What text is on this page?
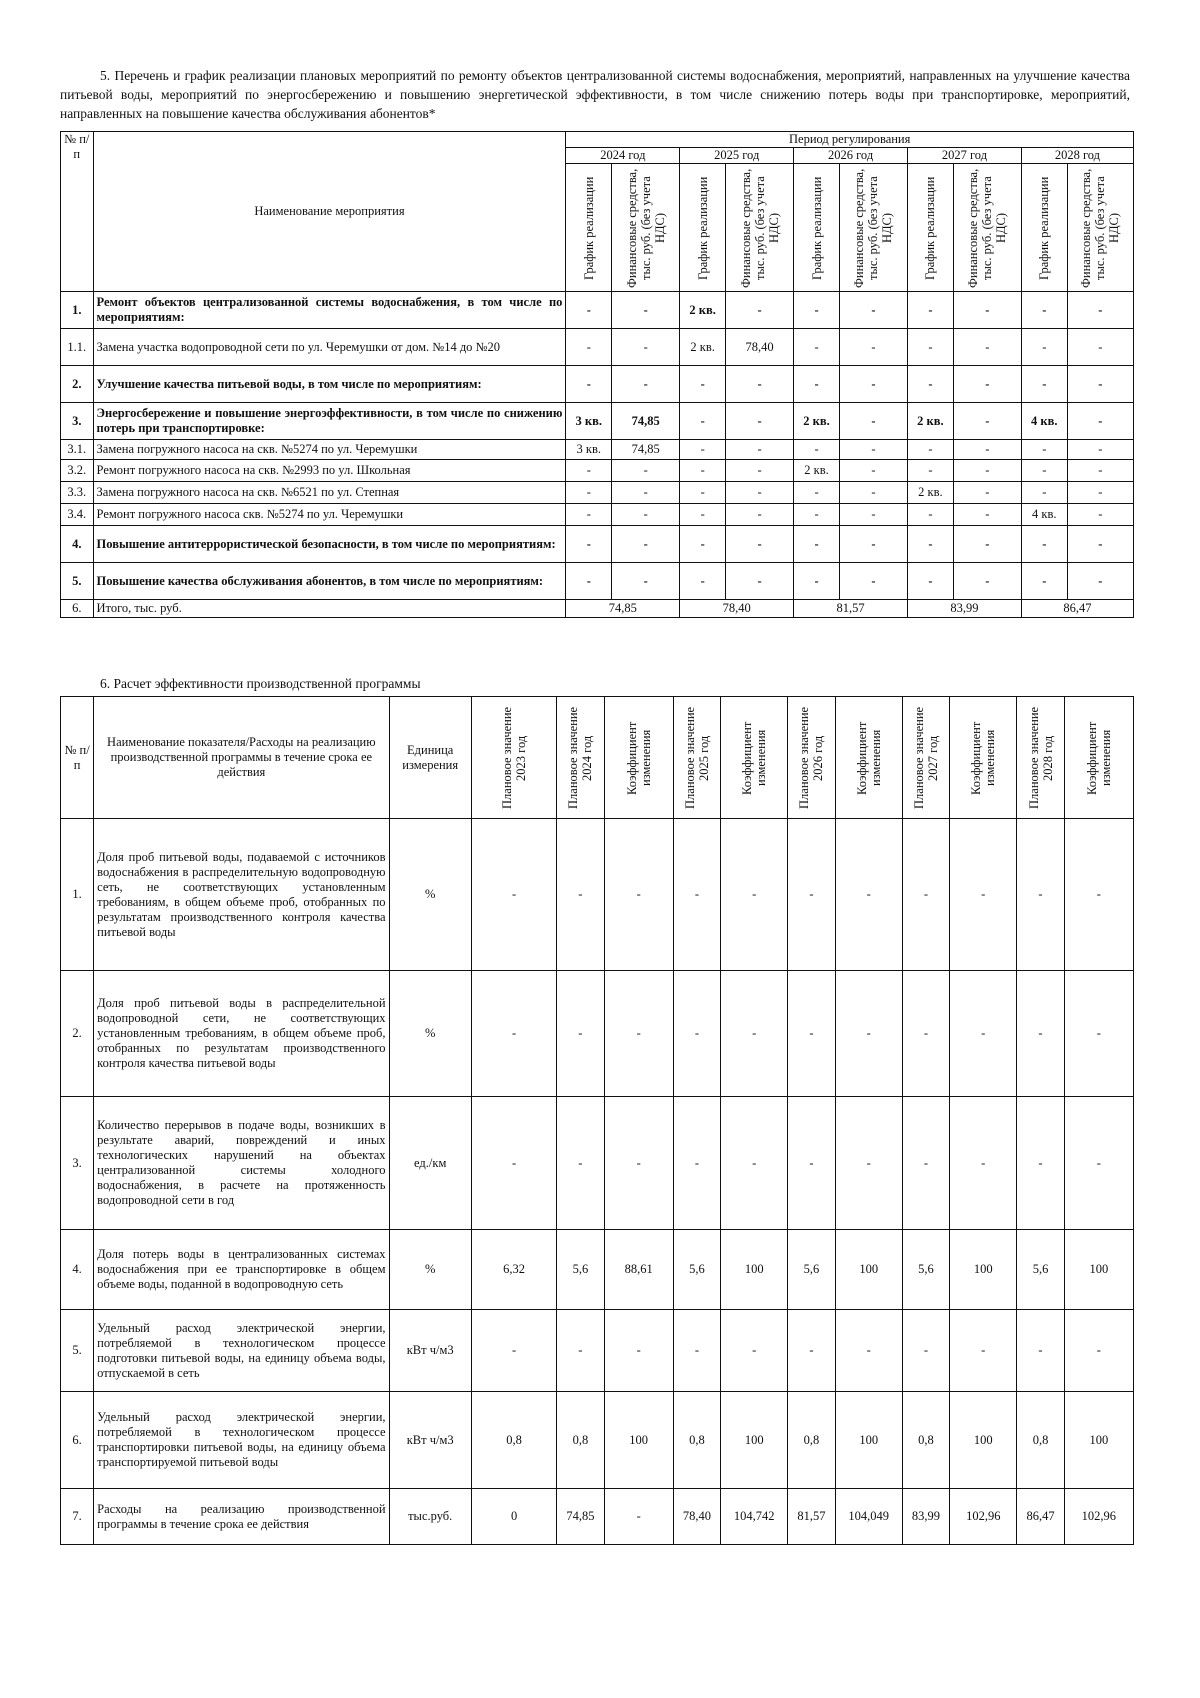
5. Перечень и график реализации плановых мероприятий по ремонту объектов централизованной системы водоснабжения, мероприятий, направленных на улучшение качества питьевой воды, мероприятий по энергосбережению и повышению энергетической эффективности, в том числе снижению потерь воды при транспортировке, мероприятий, направленных на повышение качества обслуживания абонентов*
№ п/п	Наименование мероприятия	Период регулирования									
		2024 год		2025 год		2026 год		2027 год		2028 год	

		График реализации	Финансовые средства, тыс. руб. (без учета НДС)	График реализации	Финансовые средства, тыс. руб. (без учета НДС)	График реализации	Финансовые средства, тыс. руб. (без учета НДС)	График реализации	Финансовые средства, тыс. руб. (без учета НДС)	График реализации	Финансовые средства, тыс. руб. (без учета НДС)

1.	Ремонт объектов централизованной системы водоснабжения, в том числе по мероприятиям:	-	-	2 кв.	-	-	-	-	-	-	-
1.1.	Замена участка водопроводной сети по ул. Черемушки от дом. №14 до №20	-	-	2 кв.	78,40	-	-	-	-	-	-
2.	Улучшение качества питьевой воды, в том числе по мероприятиям:	-	-	-	-	-	-	-	-	-	-
3.	Энергосбережение и повышение энергоэффективности, в том числе по снижению потерь при транспортировке:	3 кв.	74,85	-	-	2 кв.	-	2 кв.	-	4 кв.	-
3.1.	Замена погружного насоса на скв. №5274 по ул. Черемушки	3 кв.	74,85	-	-	-	-	-	-	-	-
3.2.	Ремонт погружного насоса на скв. №2993 по ул. Школьная	-	-	-	-	2 кв.	-	-	-	-	-
3.3.	Замена погружного насоса на скв. №6521 по ул. Степная	-	-	-	-	-	-	2 кв.	-	-	-
3.4.	Ремонт погружного насоса скв. №5274 по ул. Черемушки	-	-	-	-	-	-	-	-	4 кв.	-
4.	Повышение антитеррористической безопасности, в том числе по мероприятиям:	-	-	-	-	-	-	-	-	-	-
5.	Повышение качества обслуживания абонентов, в том числе по мероприятиям:	-	-	-	-	-	-	-	-	-	-
6.	Итого, тыс. руб.	74,85		78,40		81,57		83,99		86,47	
6. Расчет эффективности производственной программы
№ п/п	Наименование показателя/Расходы на реализацию производственной программы в течение срока ее действия	Единица измерения	Плановое значение 2023 год	Плановое значение 2024 год	Коэффициент изменения	Плановое значение 2025 год	Коэффициент изменения	Плановое значение 2026 год	Коэффициент изменения	Плановое значение 2027 год	Коэффициент изменения	Плановое значение 2028 год	Коэффициент изменения

1.	Доля проб питьевой воды, подаваемой с источников водоснабжения в распределительную водопроводную сеть, не соответствующих установленным требованиям, в общем объеме проб, отобранных по результатам производственного контроля качества питьевой воды	%	-	-	-	-	-	-	-	-	-	-	-
2.	Доля проб питьевой воды в распределительной водопроводной сети, не соответствующих установленным требованиям, в общем объеме проб, отобранных по результатам производственного контроля качества питьевой воды	%	-	-	-	-	-	-	-	-	-	-	-
3.	Количество перерывов в подаче воды, возникших в результате аварий, повреждений и иных технологических нарушений на объектах централизованной системы холодного водоснабжения, в расчете на протяженность водопроводной сети в год	ед./км	-	-	-	-	-	-	-	-	-	-	-
4.	Доля потерь воды в централизованных системах водоснабжения при ее транспортировке в общем объеме воды, поданной в водопроводную сеть	%	6,32	5,6	88,61	5,6	100	5,6	100	5,6	100	5,6	100
5.	Удельный расход электрической энергии, потребляемой в технологическом процессе подготовки питьевой воды, на единицу объема воды, отпускаемой в сеть	кВт ч/м3	-	-	-	-	-	-	-	-	-	-	-
6.	Удельный расход электрической энергии, потребляемой в технологическом процессе транспортировки питьевой воды, на единицу объема транспортируемой питьевой воды	кВт ч/м3	0,8	0,8	100	0,8	100	0,8	100	0,8	100	0,8	100
7.	Расходы на реализацию производственной программы в течение срока ее действия	тыс.руб.	0	74,85	-	78,40	104,742	81,57	104,049	83,99	102,96	86,47	102,96
